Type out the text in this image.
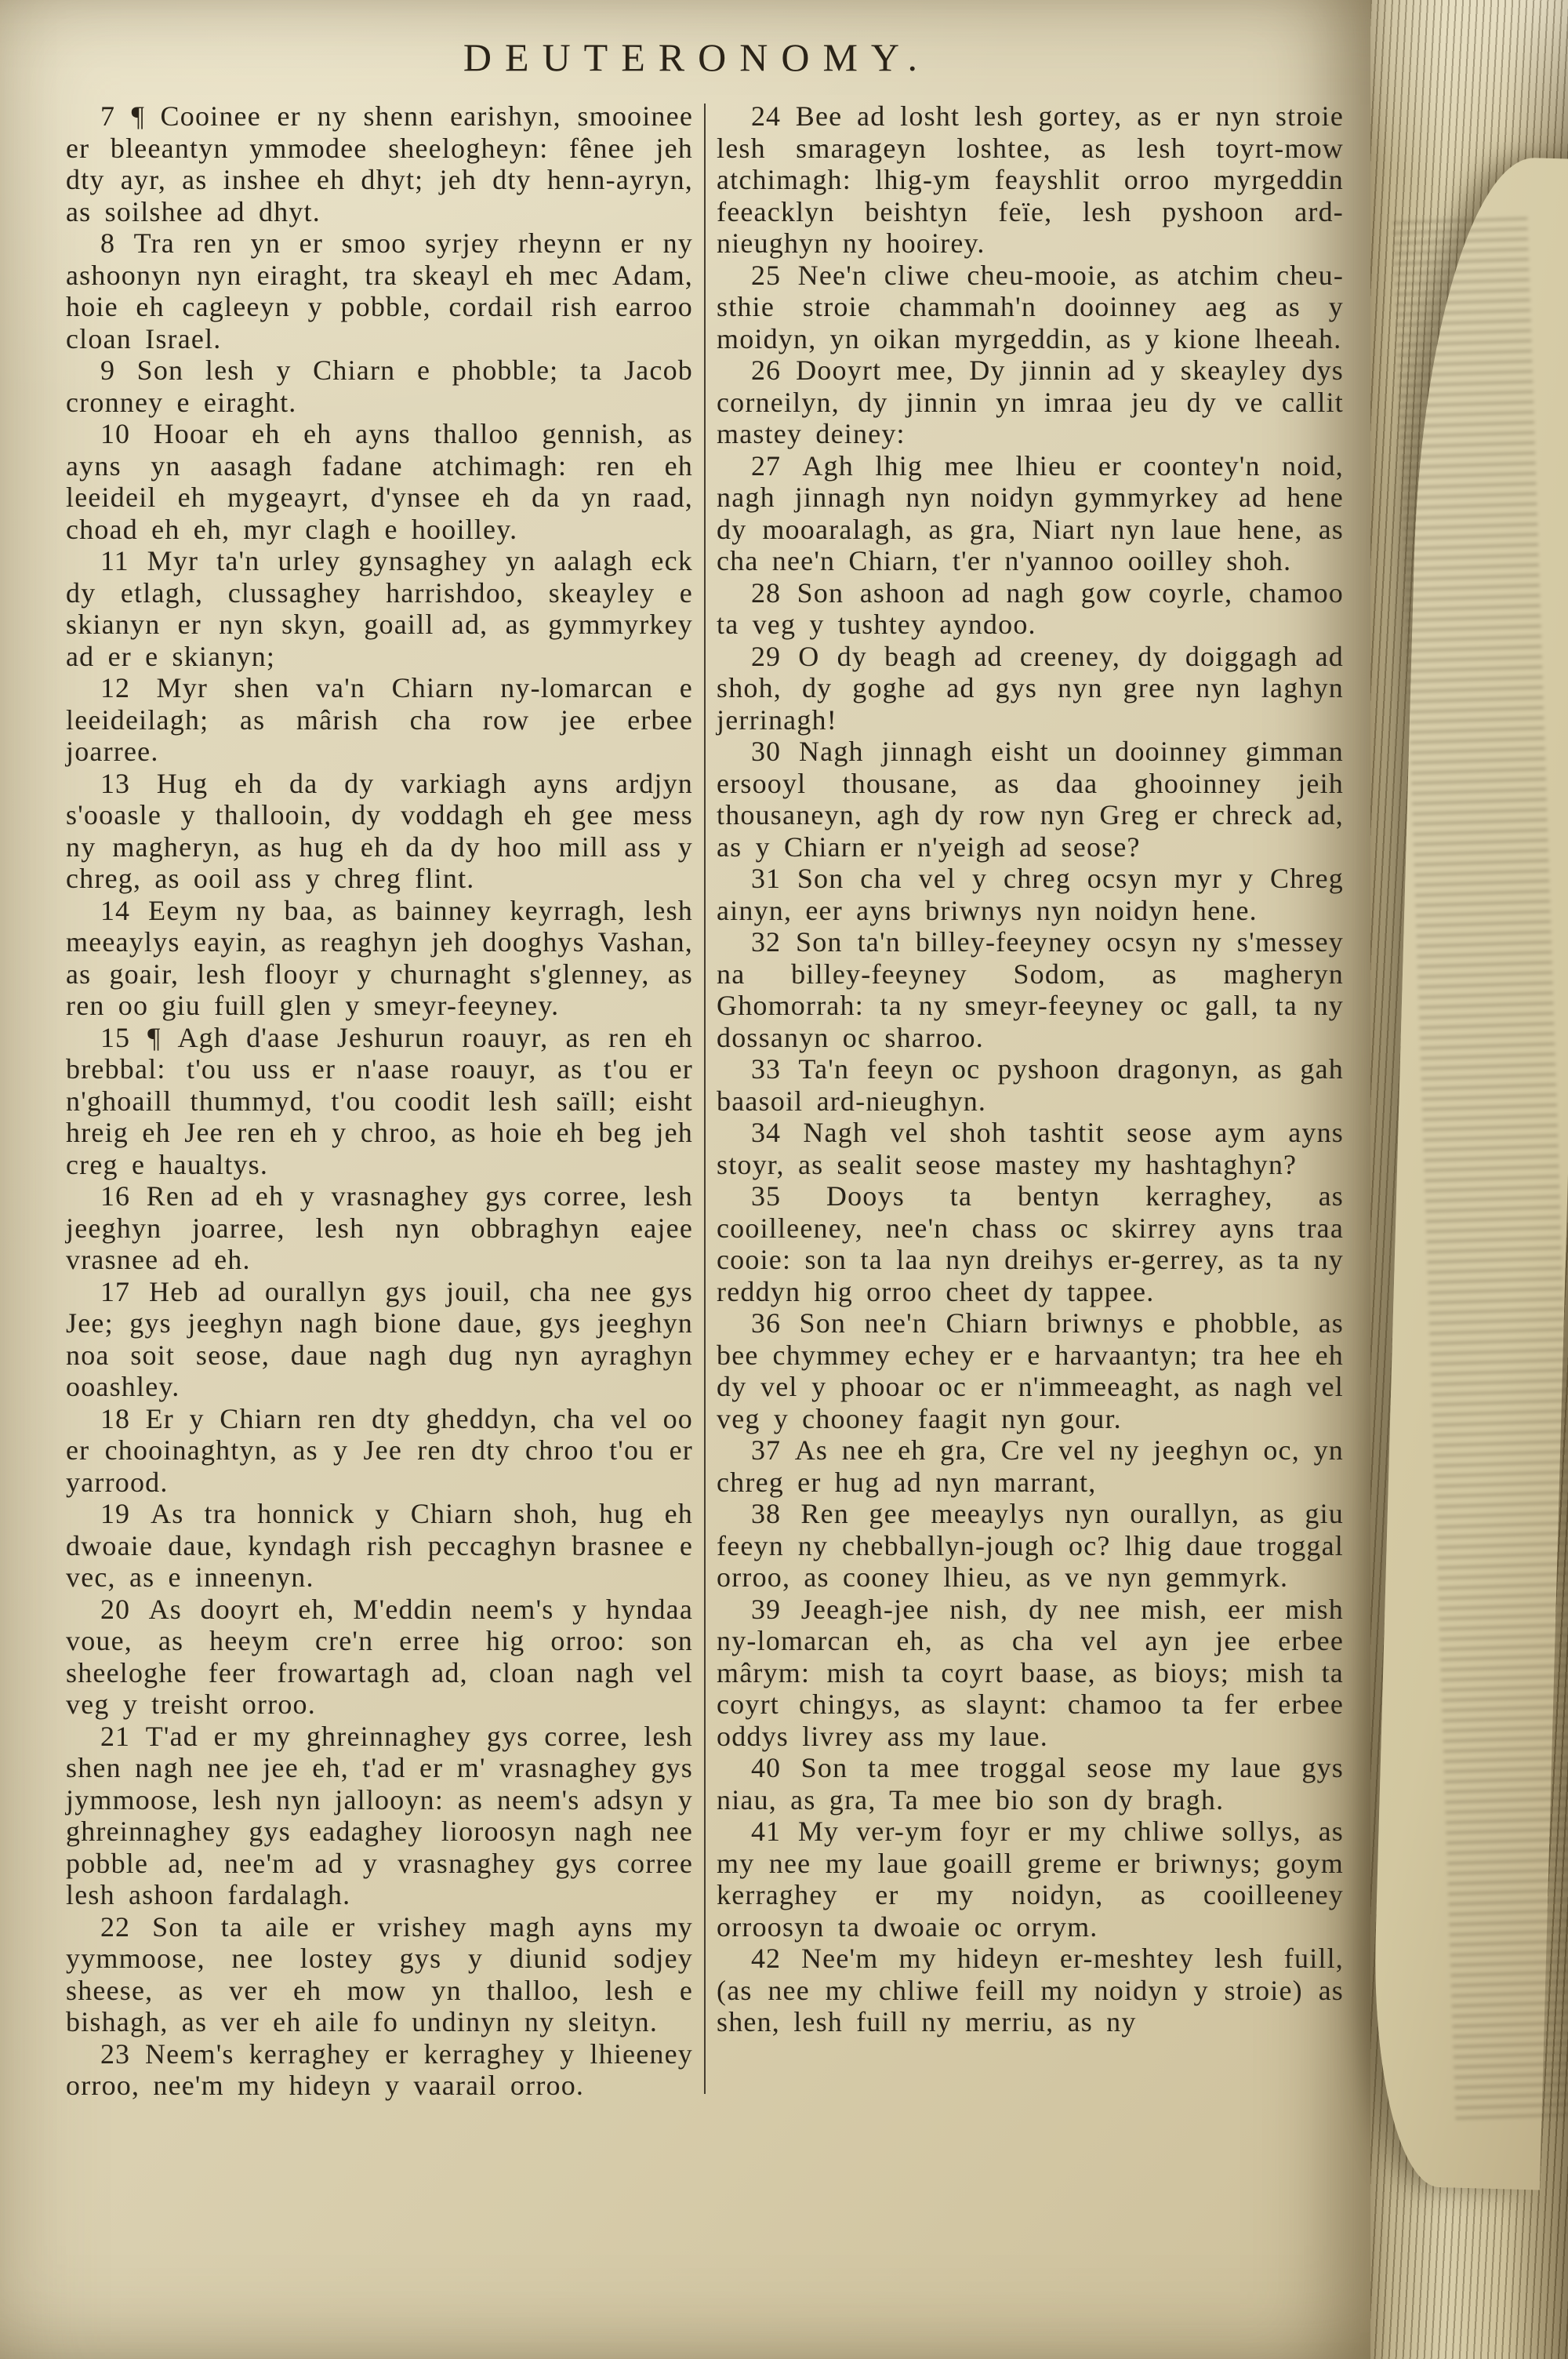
DEUTERONOMY.

7 ¶ Cooinee er ny shenn earishyn, smooinee er bleeantyn ymmodee sheelogheyn: fênee jeh dty ayr, as inshee eh dhyt; jeh dty henn-ayryn, as soilshee ad dhyt.

8 Tra ren yn er smoo syrjey rheynn er ny ashoonyn nyn eiraght, tra skeayl eh mec Adam, hoie eh cagleeyn y pobble, cordail rish earroo cloan Israel.

9 Son lesh y Chiarn e phobble; ta Jacob cronney e eiraght.

10 Hooar eh eh ayns thalloo gennish, as ayns yn aasagh fadane atchimagh: ren eh leeideil eh mygeayrt, d'ynsee eh da yn raad, choad eh eh, myr clagh e hooilley.

11 Myr ta'n urley gynsaghey yn aalagh eck dy etlagh, clussaghey harrishdoo, skeayley e skianyn er nyn skyn, goaill ad, as gymmyrkey ad er e skianyn;

12 Myr shen va'n Chiarn ny-lomarcan e leeideilagh; as mârish cha row jee erbee joarree.

13 Hug eh da dy varkiagh ayns ardjyn s'ooasle y thallooin, dy voddagh eh gee mess ny magheryn, as hug eh da dy hoo mill ass y chreg, as ooil ass y chreg flint.

14 Eeym ny baa, as bainney keyrragh, lesh meeaylys eayin, as reaghyn jeh dooghys Vashan, as goair, lesh flooyr y churnaght s'glenney, as ren oo giu fuill glen y smeyr-feeyney.

15 ¶ Agh d'aase Jeshurun roauyr, as ren eh brebbal: t'ou uss er n'aase roauyr, as t'ou er n'ghoaill thummyd, t'ou coodit lesh saïll; eisht hreig eh Jee ren eh y chroo, as hoie eh beg jeh creg e haualtys.

16 Ren ad eh y vrasnaghey gys corree, lesh jeeghyn joarree, lesh nyn obbraghyn eajee vrasnee ad eh.

17 Heb ad ourallyn gys jouil, cha nee gys Jee; gys jeeghyn nagh bione daue, gys jeeghyn noa soit seose, daue nagh dug nyn ayraghyn ooashley.

18 Er y Chiarn ren dty gheddyn, cha vel oo er chooinaghtyn, as y Jee ren dty chroo t'ou er yarrood.

19 As tra honnick y Chiarn shoh, hug eh dwoaie daue, kyndagh rish peccaghyn brasnee e vec, as e inneenyn.

20 As dooyrt eh, M'eddin neem's y hyndaa voue, as heeym cre'n erree hig orroo: son sheeloghe feer frowartagh ad, cloan nagh vel veg y treisht orroo.

21 T'ad er my ghreinnaghey gys corree, lesh shen nagh nee jee eh, t'ad er m' vrasnaghey gys jymmoose, lesh nyn jallooyn: as neem's adsyn y ghreinnaghey gys eadaghey lioroosyn nagh nee pobble ad, nee'm ad y vrasnaghey gys corree lesh ashoon fardalagh.

22 Son ta aile er vrishey magh ayns my yymmoose, nee lostey gys y diunid sodjey sheese, as ver eh mow yn thalloo, lesh e bishagh, as ver eh aile fo undinyn ny sleityn.

23 Neem's kerraghey er kerraghey y lhieeney orroo, nee'm my hideyn y vaarail orroo.

24 Bee ad losht lesh gortey, as er nyn stroie lesh smarageyn loshtee, as lesh toyrt-mow atchimagh: lhig-ym feayshlit orroo myrgeddin feeacklyn beishtyn feïe, lesh pyshoon ard-nieughyn ny hooirey.

25 Nee'n cliwe cheu-mooie, as atchim cheu-sthie stroie chammah'n dooinney aeg as y moidyn, yn oikan myrgeddin, as y kione lheeah.

26 Dooyrt mee, Dy jinnin ad y skeayley dys corneilyn, dy jinnin yn imraa jeu dy ve callit mastey deiney:

27 Agh lhig mee lhieu er coontey'n noid, nagh jinnagh nyn noidyn gymmyrkey ad hene dy mooaralagh, as gra, Niart nyn laue hene, as cha nee'n Chiarn, t'er n'yannoo ooilley shoh.

28 Son ashoon ad nagh gow coyrle, chamoo ta veg y tushtey ayndoo.

29 O dy beagh ad creeney, dy doiggagh ad shoh, dy goghe ad gys nyn gree nyn laghyn jerrinagh!

30 Nagh jinnagh eisht un dooinney gimman ersooyl thousane, as daa ghooinney jeih thousaneyn, agh dy row nyn Greg er chreck ad, as y Chiarn er n'yeigh ad seose?

31 Son cha vel y chreg ocsyn myr y Chreg ainyn, eer ayns briwnys nyn noidyn hene.

32 Son ta'n billey-feeyney ocsyn ny s'messey na billey-feeyney Sodom, as magheryn Ghomorrah: ta ny smeyr-feeyney oc gall, ta ny dossanyn oc sharroo.

33 Ta'n feeyn oc pyshoon dragonyn, as gah baasoil ard-nieughyn.

34 Nagh vel shoh tashtit seose aym ayns stoyr, as sealit seose mastey my hashtaghyn?

35 Dooys ta bentyn kerraghey, as cooilleeney, nee'n chass oc skirrey ayns traa cooie: son ta laa nyn dreihys er-gerrey, as ta ny reddyn hig orroo cheet dy tappee.

36 Son nee'n Chiarn briwnys e phobble, as bee chymmey echey er e harvaantyn; tra hee eh dy vel y phooar oc er n'immeeaght, as nagh vel veg y chooney faagit nyn gour.

37 As nee eh gra, Cre vel ny jeeghyn oc, yn chreg er hug ad nyn marrant,

38 Ren gee meeaylys nyn ourallyn, as giu feeyn ny chebballyn-jough oc? lhig daue troggal orroo, as cooney lhieu, as ve nyn gemmyrk.

39 Jeeagh-jee nish, dy nee mish, eer mish ny-lomarcan eh, as cha vel ayn jee erbee mârym: mish ta coyrt baase, as bioys; mish ta coyrt chingys, as slaynt: chamoo ta fer erbee oddys livrey ass my laue.

40 Son ta mee troggal seose my laue gys niau, as gra, Ta mee bio son dy bragh.

41 My ver-ym foyr er my chliwe sollys, as my nee my laue goaill greme er briwnys; goym kerraghey er my noidyn, as cooilleeney orroosyn ta dwoaie oc orrym.

42 Nee'm my hideyn er-meshtey lesh fuill, (as nee my chliwe feill my noidyn y stroie) as shen, lesh fuill ny merriu, as ny
